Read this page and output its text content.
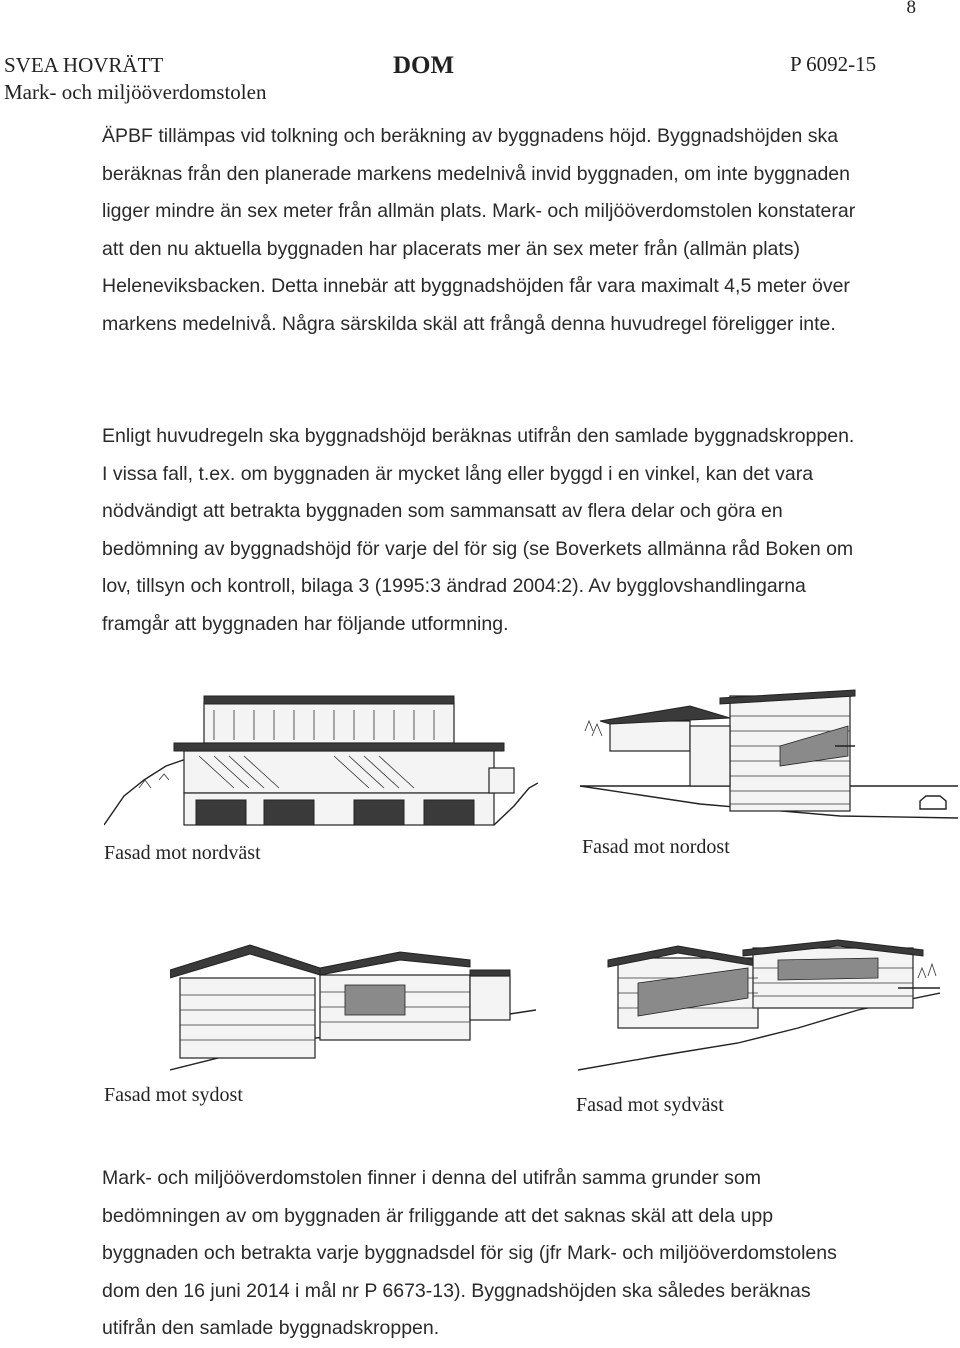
8
SVEA HOVRÄTT
Mark- och miljööverdomstolen
DOM	P 6092-15

ÄPBF tillämpas vid tolkning och beräkning av byggnadens höjd. Byggnadshöjden ska beräknas från den planerade markens medelnivå invid byggnaden, om inte byggnaden ligger mindre än sex meter från allmän plats. Mark- och miljööverdomstolen konstaterar att den nu aktuella byggnaden har placerats mer än sex meter från (allmän plats) Heleneviksbacken. Detta innebär att byggnadshöjden får vara maximalt 4,5 meter över markens medelnivå. Några särskilda skäl att frångå denna huvudregel föreligger inte.

Enligt huvudregeln ska byggnadshöjd beräknas utifrån den samlade byggnadskroppen. I vissa fall, t.ex. om byggnaden är mycket lång eller byggd i en vinkel, kan det vara nödvändigt att betrakta byggnaden som sammansatt av flera delar och göra en bedömning av byggnadshöjd för varje del för sig (se Boverkets allmänna råd Boken om lov, tillsyn och kontroll, bilaga 3 (1995:3 ändrad 2004:2). Av bygglovshandlingarna framgår att byggnaden har följande utformning.

Fasad mot nordväst	Fasad mot nordost
Fasad mot sydost	Fasad mot sydväst

Mark- och miljööverdomstolen finner i denna del utifrån samma grunder som bedömningen av om byggnaden är friliggande att det saknas skäl att dela upp byggnaden och betrakta varje byggnadsdel för sig (jfr Mark- och miljööverdomstolens dom den 16 juni 2014 i mål nr P 6673-13). Byggnadshöjden ska således beräknas utifrån den samlade byggnadskroppen.
